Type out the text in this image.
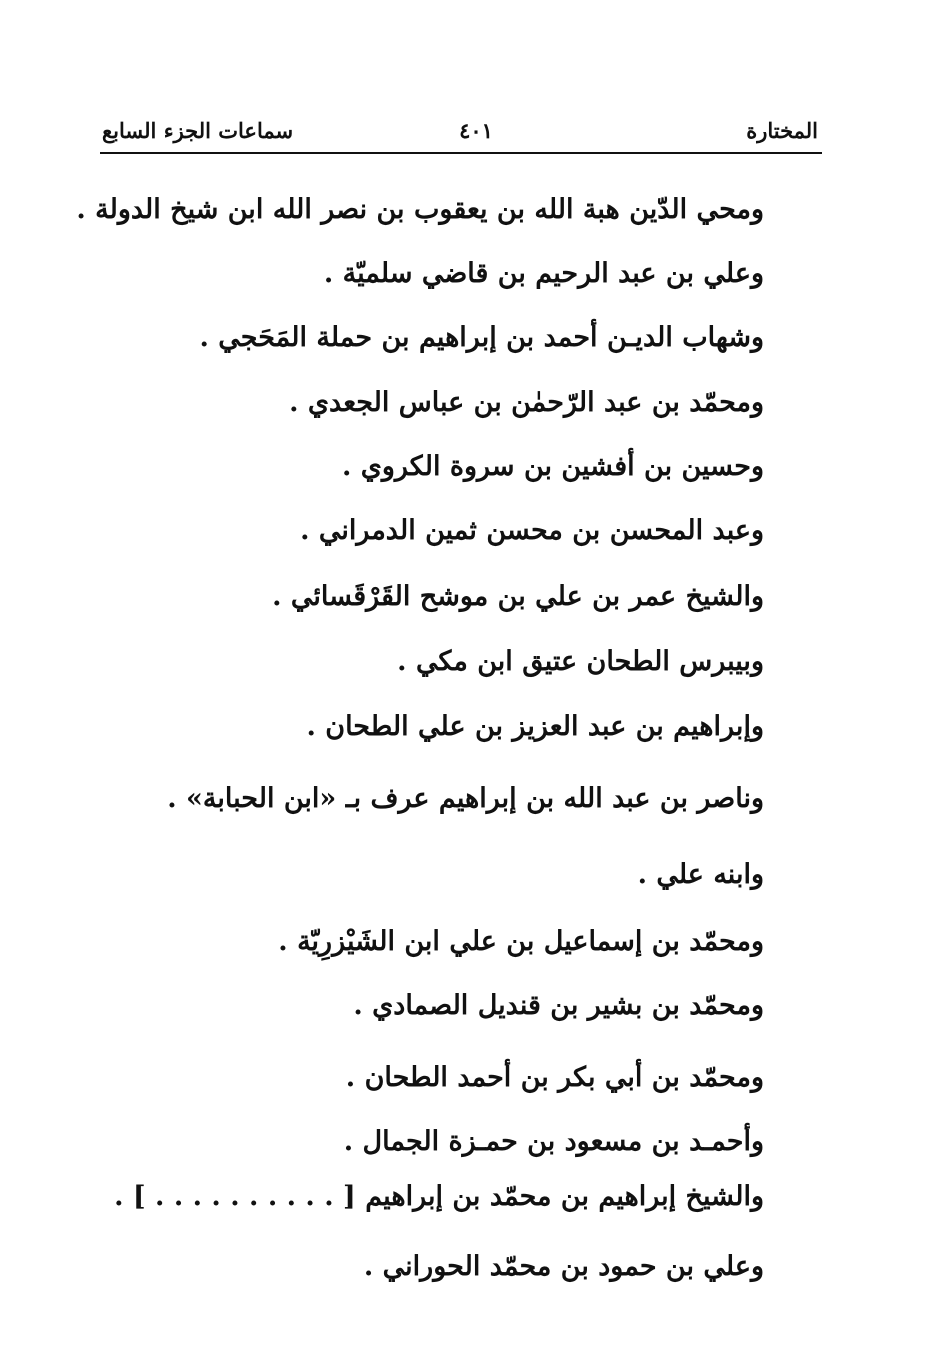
المختارة
٤٠١
سماعات الجزء السابع
ومحي الدّين هبة الله بن يعقوب بن نصر الله ابن شيخ الدولة .
وعلي بن عبد الرحيم بن قاضي سلميّة .
وشهاب الديـن أحمد بن إبراهيم بن حملة المَحَجي .
ومحمّد بن عبد الرّحمٰن بن عباس الجعدي .
وحسين بن أفشين بن سروة الكروي .
وعبد المحسن بن محسن ثمين الدمراني .
والشيخ عمر بن علي بن موشح القَرْقَسائي .
وبيبرس الطحان عتيق ابن مكي .
وإبراهيم بن عبد العزيز بن علي الطحان .
وناصر بن عبد الله بن إبراهيم عرف بـ «ابن الحبابة» .
وابنه علي .
ومحمّد بن إسماعيل بن علي ابن الشَيْزرِيّة .
ومحمّد بن بشير بن قنديل الصمادي .
ومحمّد بن أبي بكر بن أحمد الطحان .
وأحمـد بن مسعود بن حمـزة الجمال .
والشيخ إبراهيم بن محمّد بن إبراهيم [ . . . . . . . . . . ] .
وعلي بن حمود بن محمّد الحوراني .
